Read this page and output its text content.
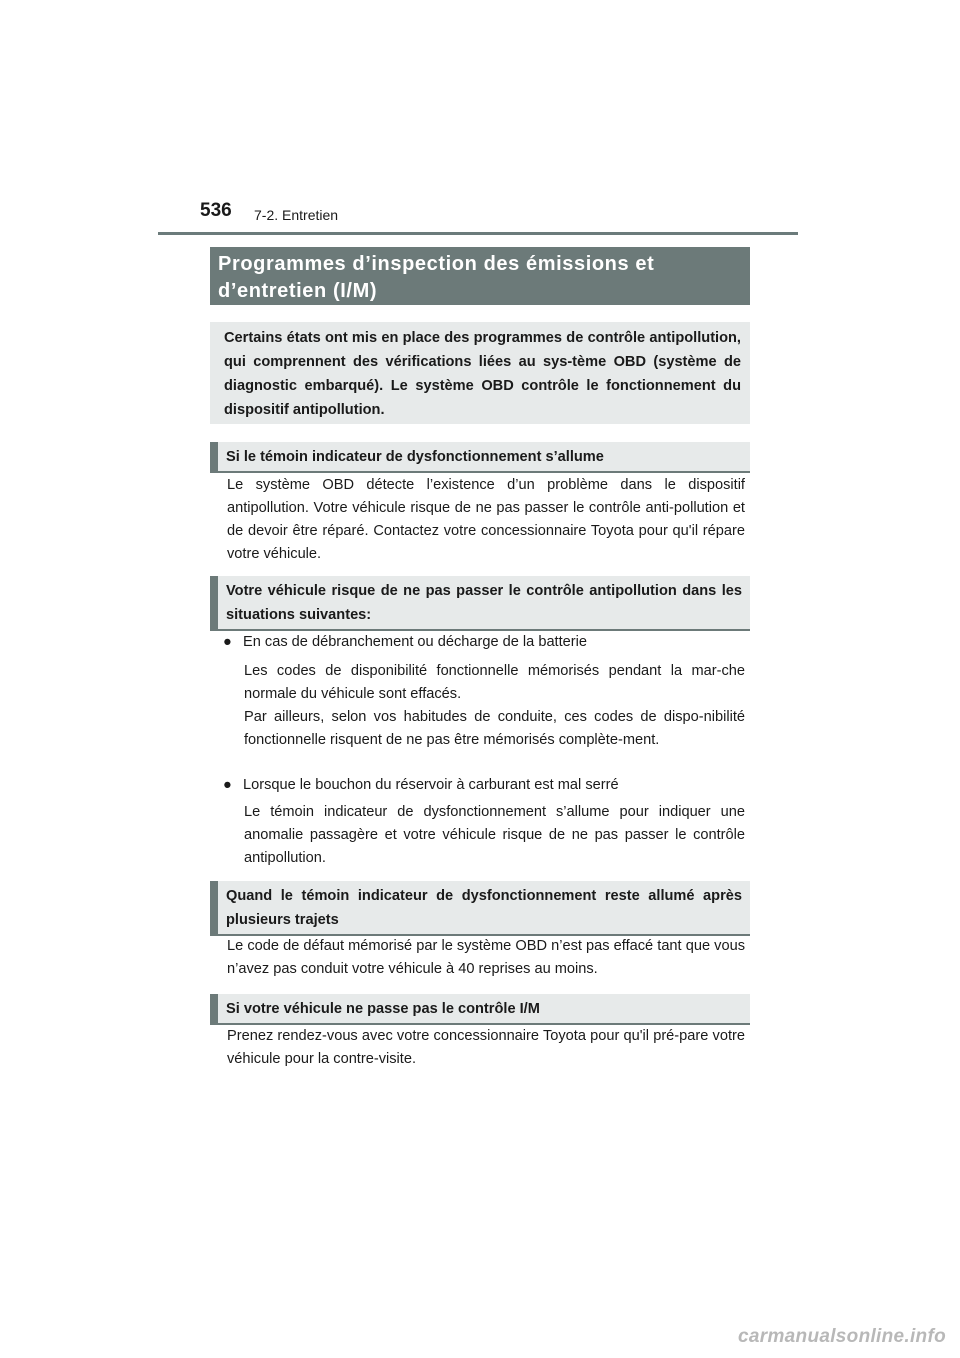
536 7-2. Entretien
Programmes d’inspection des émissions et d’entretien (I/M)
Certains états ont mis en place des programmes de contrôle antipollution, qui comprennent des vérifications liées au sys-tème OBD (système de diagnostic embarqué). Le système OBD contrôle le fonctionnement du dispositif antipollution.
Si le témoin indicateur de dysfonctionnement s’allume
Le système OBD détecte l’existence d’un problème dans le dispositif antipollution. Votre véhicule risque de ne pas passer le contrôle anti-pollution et de devoir être réparé. Contactez votre concessionnaire Toyota pour qu'il répare votre véhicule.
Votre véhicule risque de ne pas passer le contrôle antipollution dans les situations suivantes:
● En cas de débranchement ou décharge de la batterie
Les codes de disponibilité fonctionnelle mémorisés pendant la mar-che normale du véhicule sont effacés.
Par ailleurs, selon vos habitudes de conduite, ces codes de dispo-nibilité fonctionnelle risquent de ne pas être mémorisés complète-ment.
● Lorsque le bouchon du réservoir à carburant est mal serré
Le témoin indicateur de dysfonctionnement s’allume pour indiquer une anomalie passagère et votre véhicule risque de ne pas passer le contrôle antipollution.
Quand le témoin indicateur de dysfonctionnement reste allumé après plusieurs trajets
Le code de défaut mémorisé par le système OBD n’est pas effacé tant que vous n’avez pas conduit votre véhicule à 40 reprises au moins.
Si votre véhicule ne passe pas le contrôle I/M
Prenez rendez-vous avec votre concessionnaire Toyota pour qu'il pré-pare votre véhicule pour la contre-visite.
carmanualsonline.info
